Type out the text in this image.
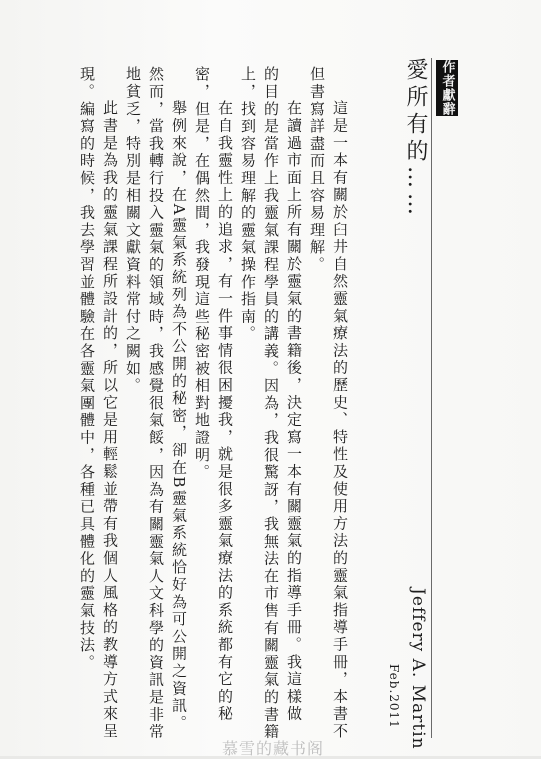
作者獻辭
愛所有的……
這是一本有關於臼井自然靈氣療法的歷史、特性及使用方法的靈氣指導手冊，本書不
但書寫詳盡而且容易理解。
在讀過市面上所有關於靈氣的書籍後，決定寫一本有關靈氣的指導手冊。我這樣做
的目的是當作上我靈氣課程學員的講義。因為，我很驚訝，我無法在市售有關靈氣的書籍
上，找到容易理解的靈氣操作指南。
在自我靈性上的追求，有一件事情很困擾我，就是很多靈氣療法的系統都有它的秘
密，但是，在偶然間，我發現這些秘密被相對地證明。
舉例來說，在A靈氣系統列為不公開的秘密，卻在B靈氣系統恰好為可公開之資訊。
然而，當我轉行投入靈氣的領域時，我感覺很氣餒，因為有關靈氣人文科學的資訊是非常
地貧乏，特別是相關文獻資料常付之闕如。
此書是為我的靈氣課程所設計的，所以它是用輕鬆並帶有我個人風格的教導方式來呈
現。編寫的時候，我去學習並體驗在各靈氣團體中，各種已具體化的靈氣技法。	Jeffery A. Martin
Feb.2011
慕雪的藏书阁
